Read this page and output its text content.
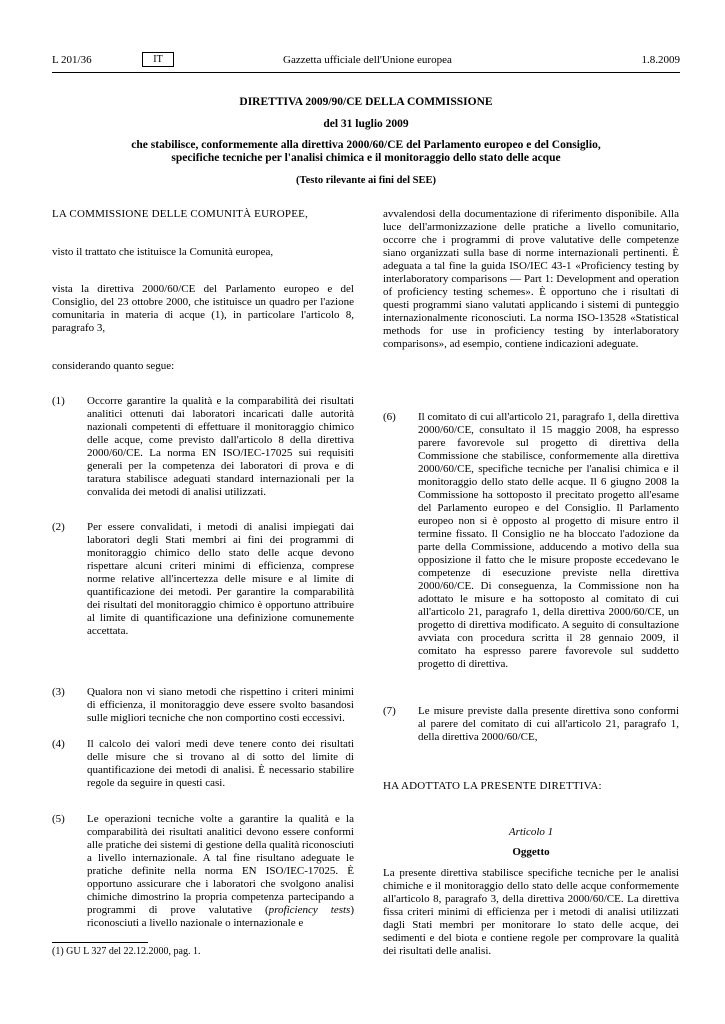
L 201/36	IT	Gazzetta ufficiale dell'Unione europea	1.8.2009
DIRETTIVA 2009/90/CE DELLA COMMISSIONE
del 31 luglio 2009
che stabilisce, conformemente alla direttiva 2000/60/CE del Parlamento europeo e del Consiglio,
specifiche tecniche per l'analisi chimica e il monitoraggio dello stato delle acque
(Testo rilevante ai fini del SEE)

LA COMMISSIONE DELLE COMUNITÀ EUROPEE,

visto il trattato che istituisce la Comunità europea,

vista la direttiva 2000/60/CE del Parlamento europeo e del Consiglio, del 23 ottobre 2000, che istituisce un quadro per l'azione comunitaria in materia di acque (1), in particolare l'articolo 8, paragrafo 3,

considerando quanto segue:

(1)	Occorre garantire la qualità e la comparabilità dei risultati analitici ottenuti dai laboratori incaricati dalle autorità nazionali competenti di effettuare il monitoraggio chimico delle acque, come previsto dall'articolo 8 della direttiva 2000/60/CE. La norma EN ISO/IEC-17025 sui requisiti generali per la competenza dei laboratori di prova e di taratura stabilisce adeguati standard internazionali per la convalida dei metodi di analisi utilizzati.
(2)	Per essere convalidati, i metodi di analisi impiegati dai laboratori degli Stati membri ai fini dei programmi di monitoraggio chimico dello stato delle acque devono rispettare alcuni criteri minimi di efficienza, comprese norme relative all'incertezza delle misure e al limite di quantificazione dei metodi. Per garantire la comparabilità dei risultati del monitoraggio chimico è opportuno attribuire al limite di quantificazione una definizione comunemente accettata.
(3)	Qualora non vi siano metodi che rispettino i criteri minimi di efficienza, il monitoraggio deve essere svolto basandosi sulle migliori tecniche che non comportino costi eccessivi.
(4)	Il calcolo dei valori medi deve tenere conto dei risultati delle misure che si trovano al di sotto del limite di quantificazione dei metodi di analisi. È necessario stabilire regole da seguire in questi casi.
(5)	Le operazioni tecniche volte a garantire la qualità e la comparabilità dei risultati analitici devono essere conformi alle pratiche dei sistemi di gestione della qualità riconosciuti a livello internazionale. A tal fine risultano adeguate le pratiche definite nella norma EN ISO/IEC-17025. È opportuno assicurare che i laboratori che svolgono analisi chimiche dimostrino la propria competenza partecipando a programmi di prove valutative (proficiency tests) riconosciuti a livello nazionale o internazionale e

avvalendosi della documentazione di riferimento disponibile. Alla luce dell'armonizzazione delle pratiche a livello comunitario, occorre che i programmi di prove valutative delle competenze siano organizzati sulla base di norme internazionali pertinenti. È adeguata a tal fine la guida ISO/IEC 43-1 «Proficiency testing by interlaboratory comparisons — Part 1: Development and operation of proficiency testing schemes». È opportuno che i risultati di questi programmi siano valutati applicando i sistemi di punteggio internazionalmente riconosciuti. La norma ISO-13528 «Statistical methods for use in proficiency testing by interlaboratory comparisons», ad esempio, contiene indicazioni adeguate.

(6)	Il comitato di cui all'articolo 21, paragrafo 1, della direttiva 2000/60/CE, consultato il 15 maggio 2008, ha espresso parere favorevole sul progetto di direttiva della Commissione che stabilisce, conformemente alla direttiva 2000/60/CE, specifiche tecniche per l'analisi chimica e il monitoraggio dello stato delle acque. Il 6 giugno 2008 la Commissione ha sottoposto il precitato progetto all'esame del Parlamento europeo e del Consiglio. Il Parlamento europeo non si è opposto al progetto di misure entro il termine fissato. Il Consiglio ne ha bloccato l'adozione da parte della Commissione, adducendo a motivo della sua opposizione il fatto che le misure proposte eccedevano le competenze di esecuzione previste nella direttiva 2000/60/CE. Di conseguenza, la Commissione non ha adottato le misure e ha sottoposto al comitato di cui all'articolo 21, paragrafo 1, della direttiva 2000/60/CE, un progetto di direttiva modificato. A seguito di consultazione avviata con procedura scritta il 28 gennaio 2009, il comitato ha espresso parere favorevole sul suddetto progetto di direttiva.
(7)	Le misure previste dalla presente direttiva sono conformi al parere del comitato di cui all'articolo 21, paragrafo 1, della direttiva 2000/60/CE,

HA ADOTTATO LA PRESENTE DIRETTIVA:

Articolo 1

Oggetto

La presente direttiva stabilisce specifiche tecniche per le analisi chimiche e il monitoraggio dello stato delle acque conformemente all'articolo 8, paragrafo 3, della direttiva 2000/60/CE. La direttiva fissa criteri minimi di efficienza per i metodi di analisi utilizzati dagli Stati membri per monitorare lo stato delle acque, dei sedimenti e del biota e contiene regole per comprovare la qualità dei risultati delle analisi.

(1) GU L 327 del 22.12.2000, pag. 1.
